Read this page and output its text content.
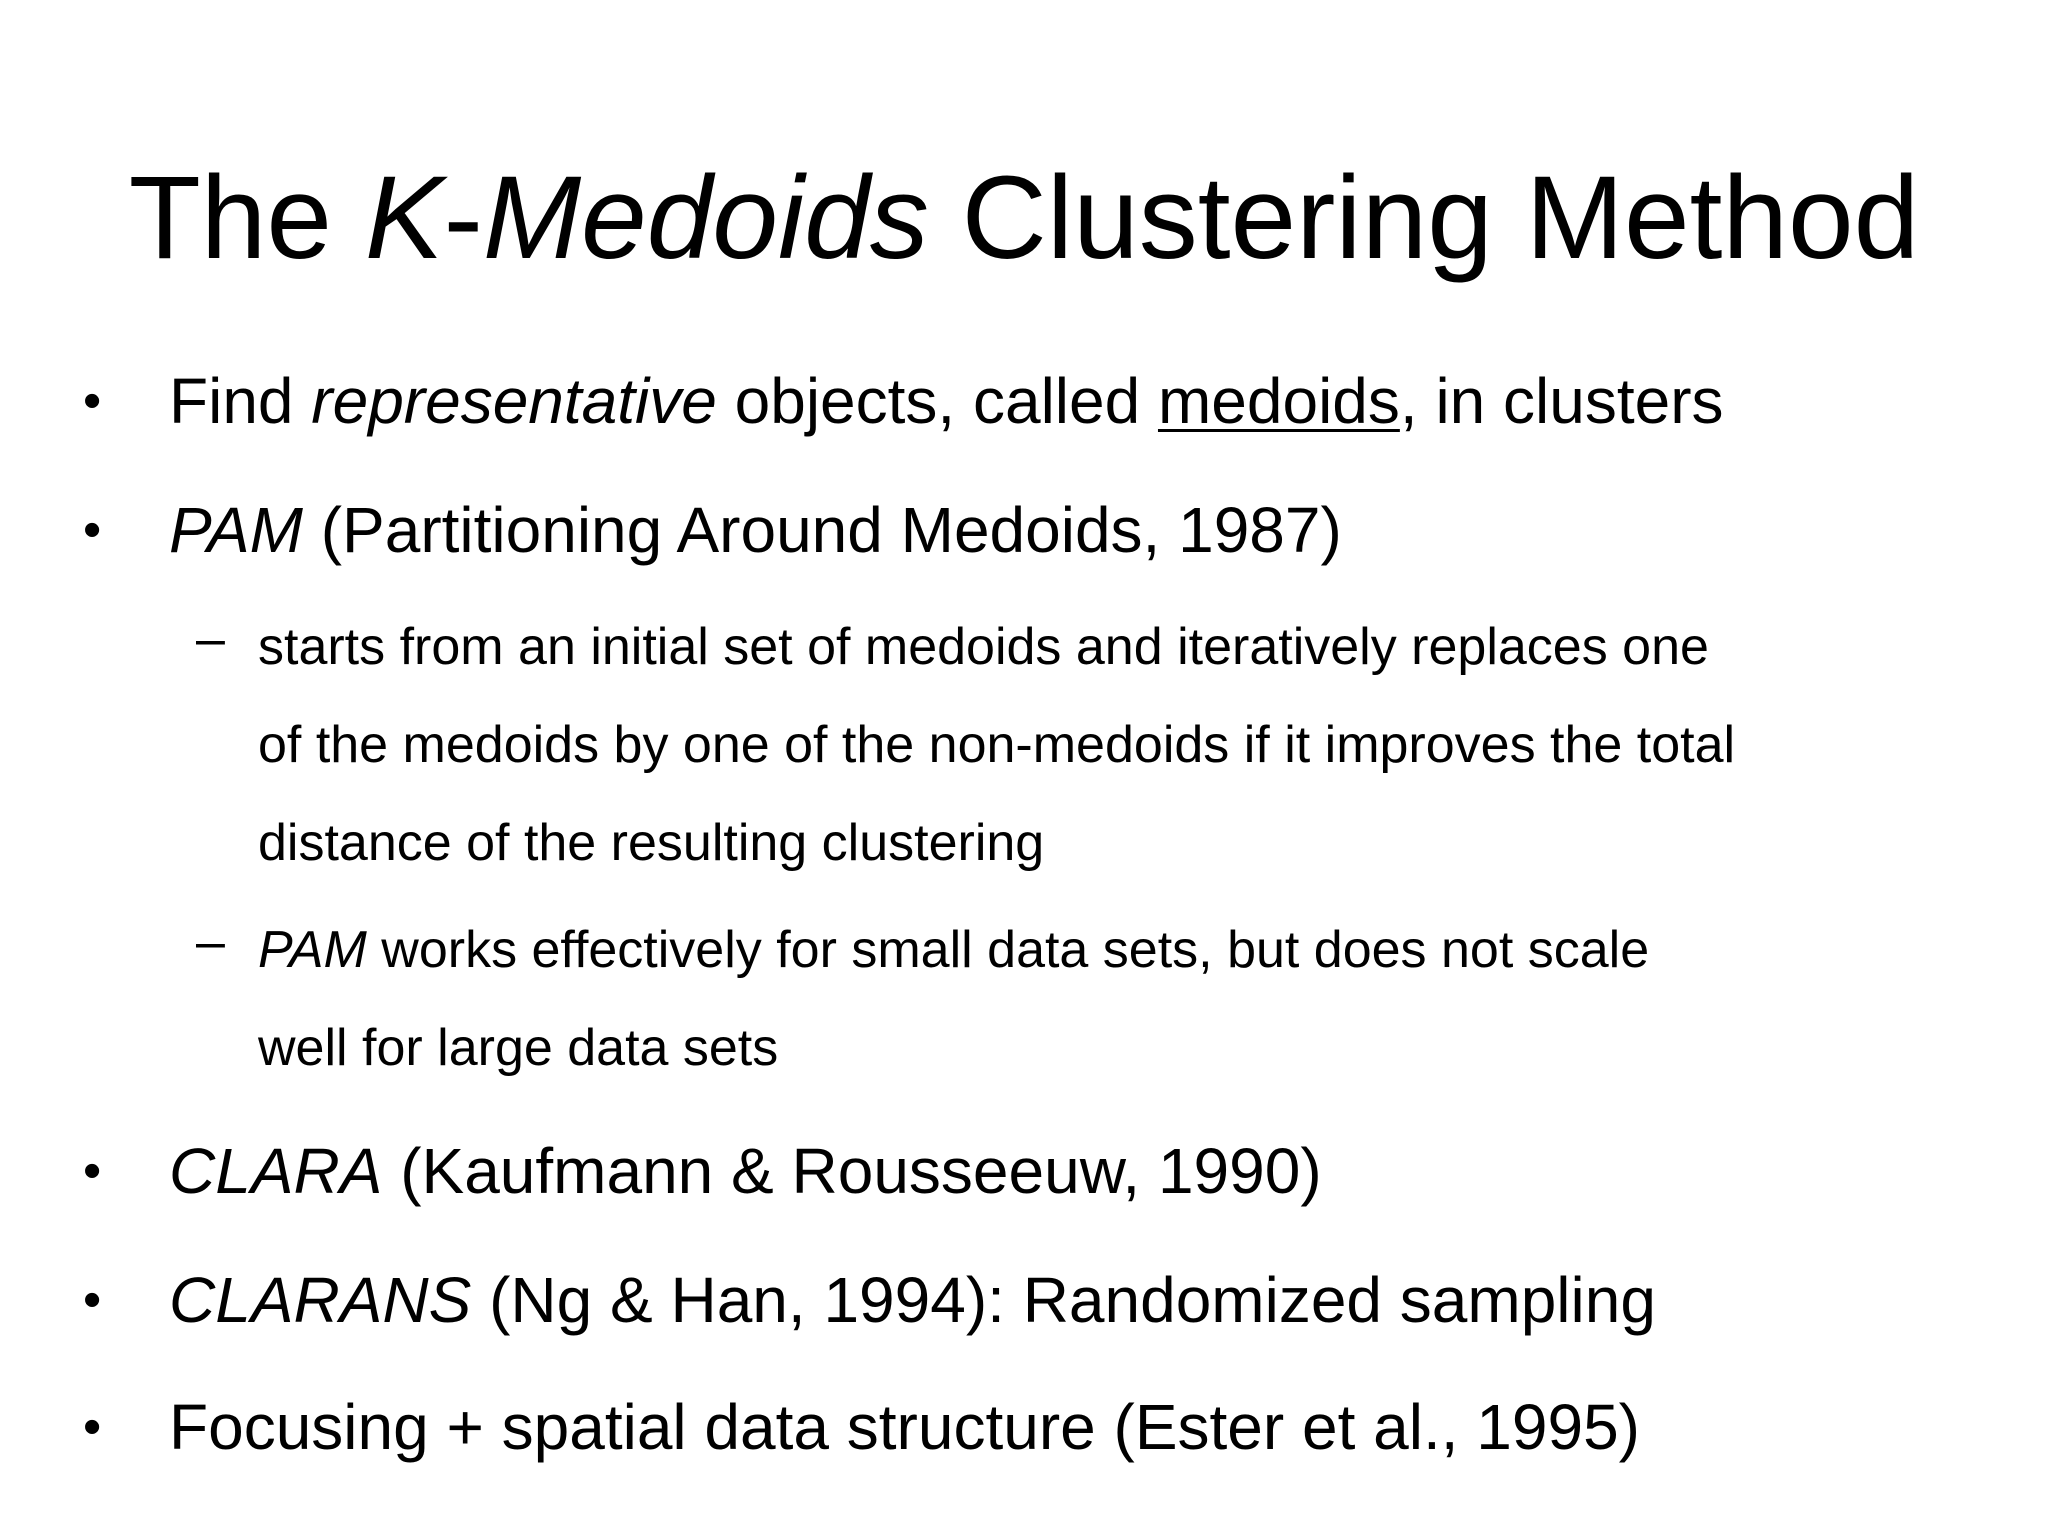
The K-Medoids Clustering Method
• Find representative objects, called medoids, in clusters
• PAM (Partitioning Around Medoids, 1987)
– starts from an initial set of medoids and iteratively replaces one
of the medoids by one of the non-medoids if it improves the total
distance of the resulting clustering
– PAM works effectively for small data sets, but does not scale
well for large data sets
• CLARA (Kaufmann & Rousseeuw, 1990)
• CLARANS (Ng & Han, 1994): Randomized sampling
• Focusing + spatial data structure (Ester et al., 1995)
